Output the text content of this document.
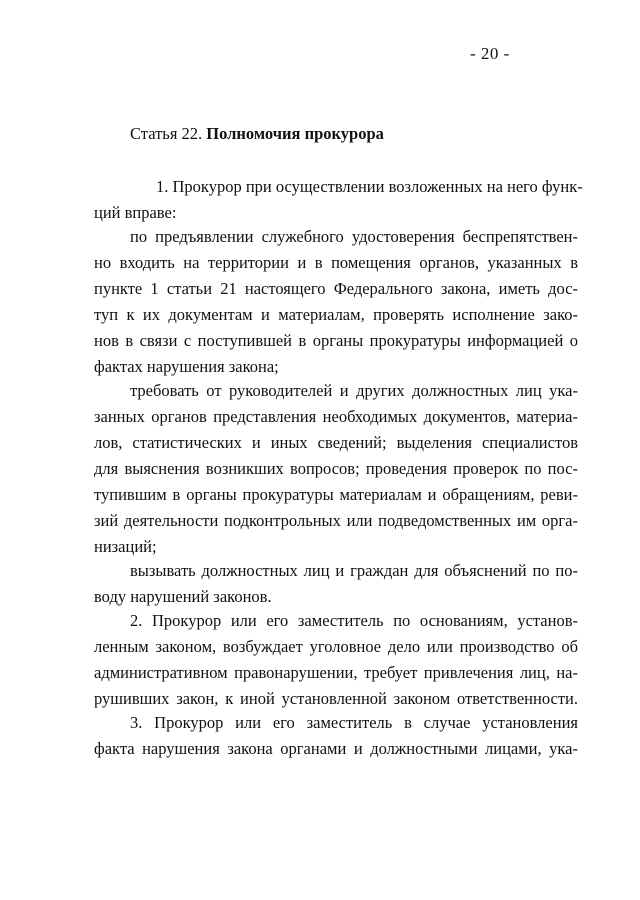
- 20 -
Статья 22. Полномочия прокурора
1. Прокурор при осуществлении возложенных на него функ-
ций вправе:
по предъявлении служебного удостоверения беспрепятствен-
но входить на территории и в помещения органов, указанных в
пункте 1 статьи 21 настоящего Федерального закона, иметь дос-
туп к их документам и материалам, проверять исполнение зако-
нов в связи с поступившей в органы прокуратуры информацией о
фактах нарушения закона;
требовать от руководителей и других должностных лиц ука-
занных органов представления необходимых документов, материа-
лов, статистических и иных сведений; выделения специалистов
для выяснения возникших вопросов; проведения проверок по пос-
тупившим в органы прокуратуры материалам и обращениям, реви-
зий деятельности подконтрольных или подведомственных им орга-
низаций;
вызывать должностных лиц и граждан для объяснений по по-
воду нарушений законов.
2. Прокурор или его заместитель по основаниям, установ-
ленным законом, возбуждает уголовное дело или производство об
административном правонарушении, требует привлечения лиц, на-
рушивших закон, к иной установленной законом ответственности.
3. Прокурор или его заместитель в случае установления
факта нарушения закона органами и должностными лицами, ука-
